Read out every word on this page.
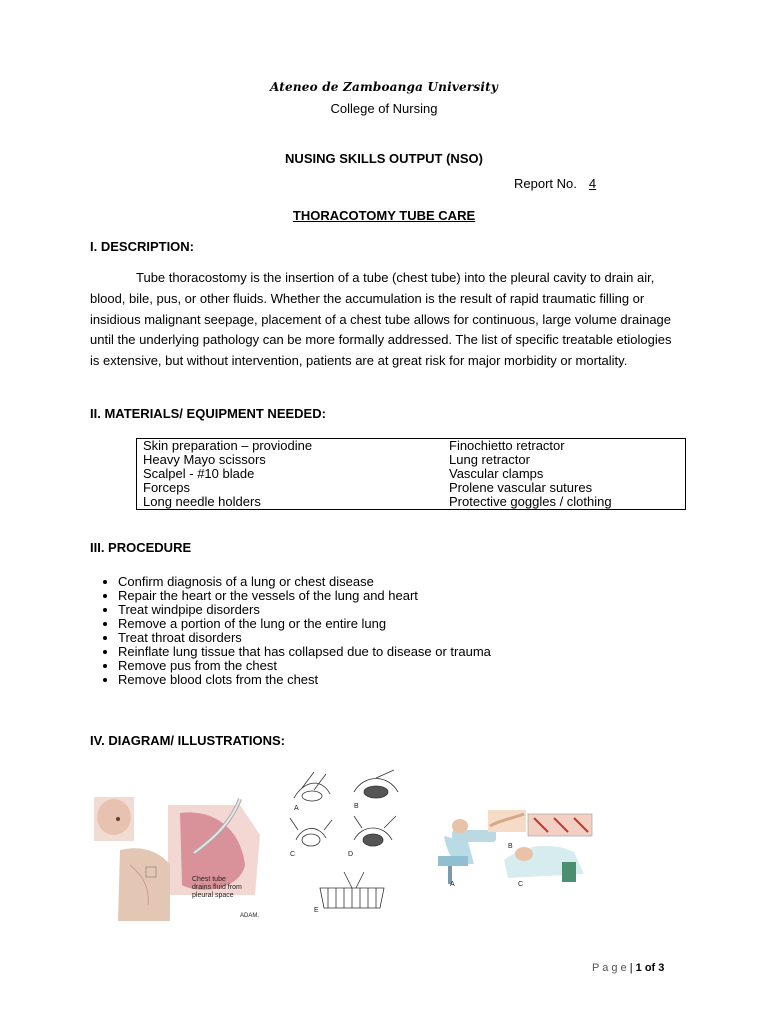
Ateneo de Zamboanga University
College of Nursing
NUSING SKILLS OUTPUT (NSO)
Report No. 4
THORACOTOMY TUBE CARE
I. DESCRIPTION:
Tube thoracostomy is the insertion of a tube (chest tube) into the pleural cavity to drain air, blood, bile, pus, or other fluids. Whether the accumulation is the result of rapid traumatic filling or insidious malignant seepage, placement of a chest tube allows for continuous, large volume drainage until the underlying pathology can be more formally addressed. The list of specific treatable etiologies is extensive, but without intervention, patients are at great risk for major morbidity or mortality.
II. MATERIALS/ EQUIPMENT NEEDED:
Skin preparation – proviodine	Finochietto retractor
Heavy Mayo scissors	Lung retractor
Scalpel - #10 blade	Vascular clamps
Forceps	Prolene vascular sutures
Long needle holders	Protective goggles / clothing
III. PROCEDURE
• Confirm diagnosis of a lung or chest disease
• Repair the heart or the vessels of the lung and heart
• Treat windpipe disorders
• Remove a portion of the lung or the entire lung
• Treat throat disorders
• Reinflate lung tissue that has collapsed due to disease or trauma
• Remove pus from the chest
• Remove blood clots from the chest
IV. DIAGRAM/ ILLUSTRATIONS:
Chest tube
drains fluid from
pleural space
ADAM.
A	B
C	D
E
A
B
C
P a g e | 1 of 3
